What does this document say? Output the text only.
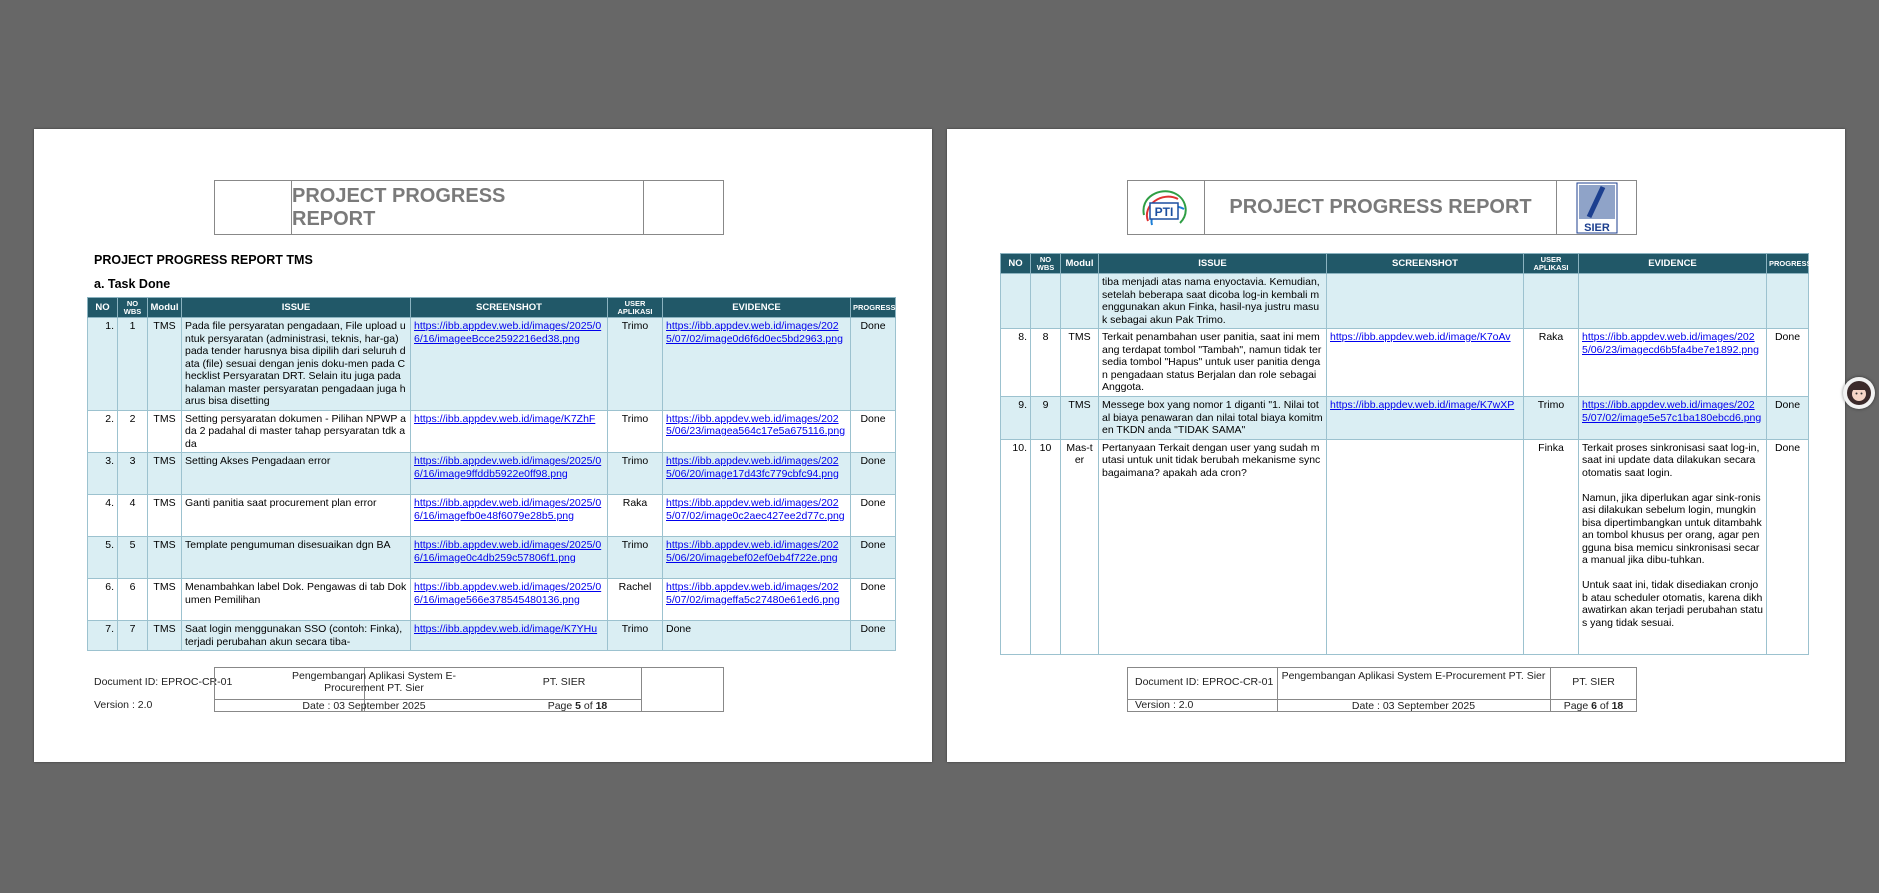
PROJECT PROGRESS REPORT
PROJECT PROGRESS REPORT TMS
a. Task Done
NO	NO WBS	Modul	ISSUE	SCREENSHOT	USER APLIKASI	EVIDENCE	PROGRESS
1.	1	TMS	Pada file persyaratan pengadaan, File upload untuk persyaratan (administrasi, teknis, har-ga) pada tender harusnya bisa dipilih dari seluruh data (file) sesuai dengan jenis doku-men pada Checklist Persyaratan DRT. Selain itu juga pada halaman master persyaratan pengadaan juga harus bisa disetting	https://ibb.appdev.web.id/images/2025/06/16/imageeBcce2592216ed38.png	Trimo	https://ibb.appdev.web.id/images/2025/07/02/image0d6f6d0ec5bd2963.png	Done
2.	2	TMS	Setting persyaratan dokumen - Pilihan NPWP ada 2 padahal di master tahap persyaratan tdk ada	https://ibb.appdev.web.id/image/K7ZhF	Trimo	https://ibb.appdev.web.id/images/2025/06/23/imagea564c17e5a675116.png	Done
3.	3	TMS	Setting Akses Pengadaan error	https://ibb.appdev.web.id/images/2025/06/16/image9ffddb5922e0ff98.png	Trimo	https://ibb.appdev.web.id/images/2025/06/20/image17d43fc779cbfc94.png	Done
4.	4	TMS	Ganti panitia saat procurement plan error	https://ibb.appdev.web.id/images/2025/06/16/imagefb0e48f6079e28b5.png	Raka	https://ibb.appdev.web.id/images/2025/07/02/image0c2aec427ee2d77c.png	Done
5.	5	TMS	Template pengumuman disesuaikan dgn BA	https://ibb.appdev.web.id/images/2025/06/16/image0c4db259c57806f1.png	Trimo	https://ibb.appdev.web.id/images/2025/06/20/imagebef02ef0eb4f722e.png	Done
6.	6	TMS	Menambahkan label Dok. Pengawas di tab Dokumen Pemilihan	https://ibb.appdev.web.id/images/2025/06/16/image566e378545480136.png	Rachel	https://ibb.appdev.web.id/images/2025/07/02/imageffa5c27480e61ed6.png	Done
7.	7	TMS	Saat login menggunakan SSO (contoh: Finka), terjadi perubahan akun secara tiba-	https://ibb.appdev.web.id/image/K7YHu	Trimo	Done	Done
Document ID: EPROC-CR-01
Version : 2.0
Pengembangan Aplikasi System E-Procurement PT. Sier	PT. SIER
Date : 03 September 2025	Page 5 of 18
PTI	PROJECT PROGRESS REPORT
SIER
NO	NO WBS	Modul	ISSUE	SCREENSHOT	USER APLIKASI	EVIDENCE	PROGRESS
			tiba menjadi atas nama enyoctavia. Kemudian, setelah beberapa saat dicoba log-in kembali menggunakan akun Finka, hasil-nya justru masuk sebagai akun Pak Trimo.				
8.	8	TMS	Terkait penambahan user panitia, saat ini memang terdapat tombol "Tambah", namun tidak tersedia tombol "Hapus" untuk user panitia dengan pengadaan status Berjalan dan role sebagai Anggota.	https://ibb.appdev.web.id/image/K7oAv	Raka	https://ibb.appdev.web.id/images/2025/06/23/imagecd6b5fa4be7e1892.png	Done
9.	9	TMS	Messege box yang nomor 1 diganti "1. Nilai total biaya penawaran dan nilai total biaya komitmen TKDN anda "TIDAK SAMA"	https://ibb.appdev.web.id/image/K7wXP	Trimo	https://ibb.appdev.web.id/images/2025/07/02/image5e57c1ba180ebcd6.png	Done
10.	10	Mas-ter	Pertanyaan Terkait dengan user yang sudah mutasi untuk unit tidak berubah mekanisme sync bagaimana? apakah ada cron?		Finka	Terkait proses sinkronisasi saat log-in, saat ini update data dilakukan secara otomatis saat login.

Namun, jika diperlukan agar sink-ronisasi dilakukan sebelum login, mungkin bisa dipertimbangkan untuk ditambahkan tombol khusus per orang, agar pengguna bisa memicu sinkronisasi secara manual jika dibu-tuhkan.

Untuk saat ini, tidak disediakan cronjob atau scheduler otomatis, karena dikhawatirkan akan terjadi perubahan status yang tidak sesuai.	Done
Document ID: EPROC-CR-01
Version : 2.0
Pengembangan Aplikasi System E-Procurement PT. Sier	PT. SIER
Date : 03 September 2025	Page 6 of 18
